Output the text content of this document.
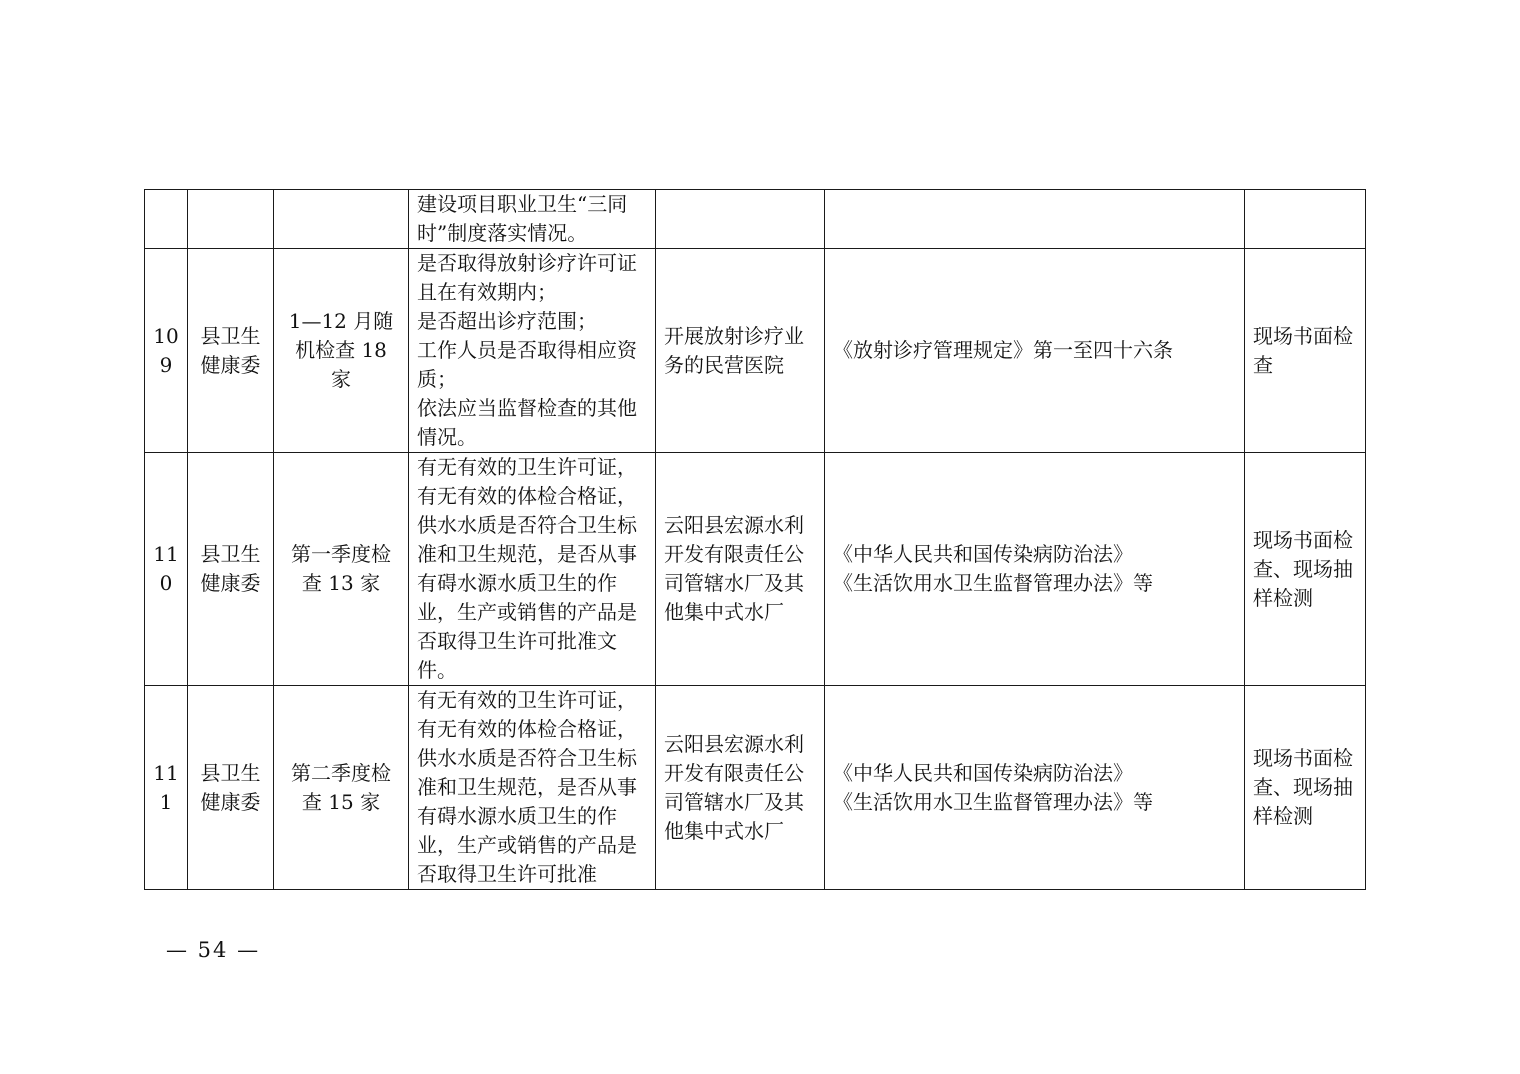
			建设项目职业卫生“三同时”制度落实情况。			
109	县卫生健康委	1—12 月随机检查 18 家	是否取得放射诊疗许可证且在有效期内；
是否超出诊疗范围；
工作人员是否取得相应资质；
依法应当监督检查的其他情况。	开展放射诊疗业务的民营医院	《放射诊疗管理规定》第一至四十六条	现场书面检查
110	县卫生健康委	第一季度检查 13 家	有无有效的卫生许可证，有无有效的体检合格证，供水水质是否符合卫生标准和卫生规范，是否从事有碍水源水质卫生的作业，生产或销售的产品是否取得卫生许可批准文件。	云阳县宏源水利开发有限责任公司管辖水厂及其他集中式水厂	《中华人民共和国传染病防治法》
《生活饮用水卫生监督管理办法》等	现场书面检查、现场抽样检测
111	县卫生健康委	第二季度检查 15 家	有无有效的卫生许可证，有无有效的体检合格证，供水水质是否符合卫生标准和卫生规范，是否从事有碍水源水质卫生的作业，生产或销售的产品是否取得卫生许可批准	云阳县宏源水利开发有限责任公司管辖水厂及其他集中式水厂	《中华人民共和国传染病防治法》
《生活饮用水卫生监督管理办法》等	现场书面检查、现场抽样检测
— 54 —
